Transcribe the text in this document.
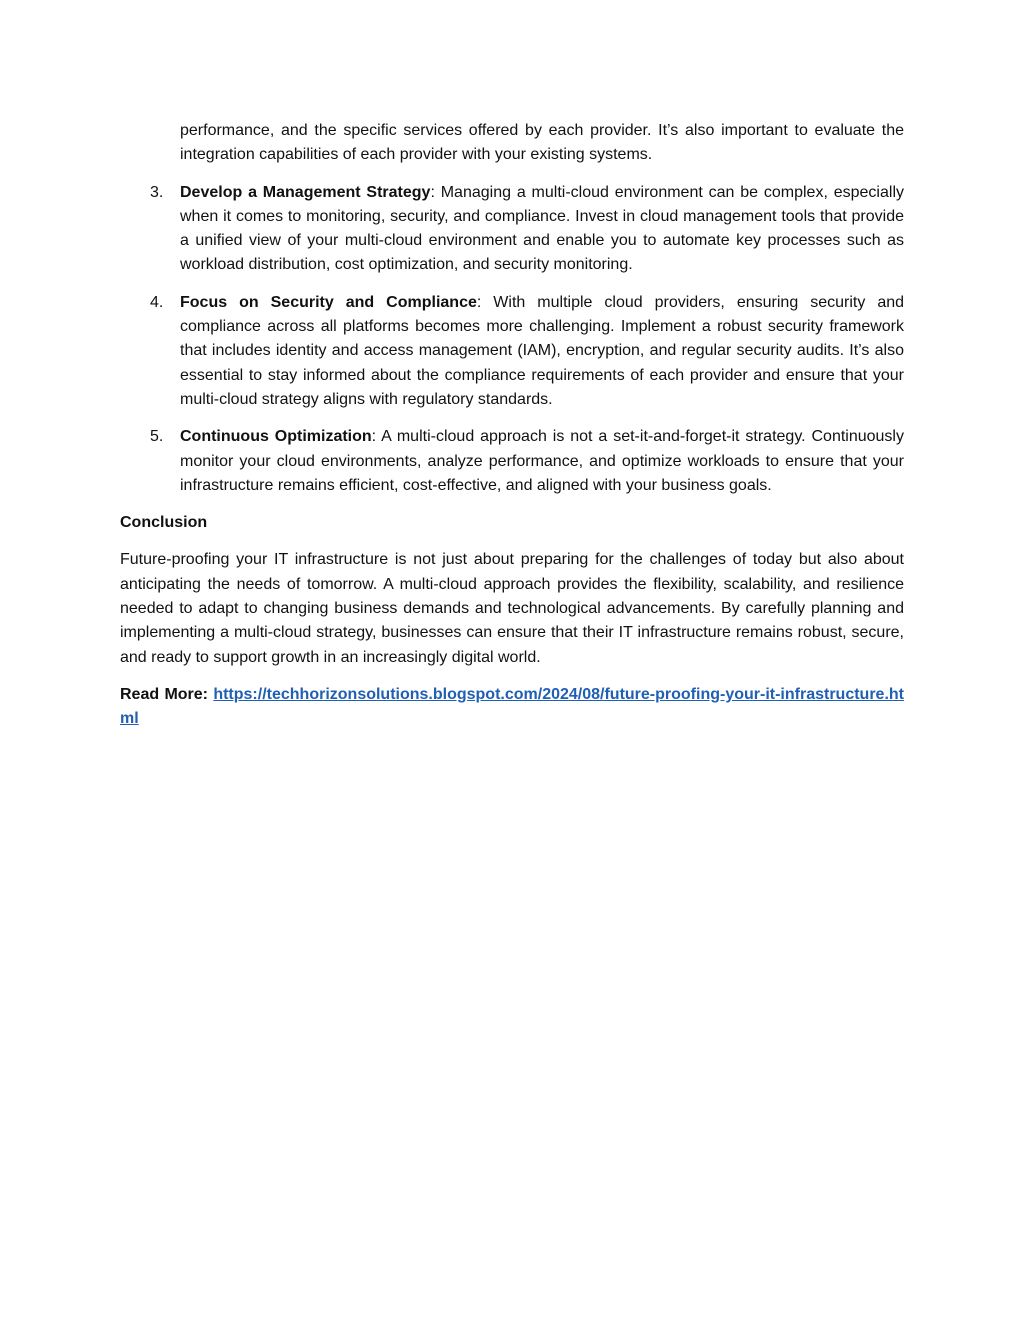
performance, and the specific services offered by each provider. It’s also important to evaluate the integration capabilities of each provider with your existing systems.
3. Develop a Management Strategy: Managing a multi-cloud environment can be complex, especially when it comes to monitoring, security, and compliance. Invest in cloud management tools that provide a unified view of your multi-cloud environment and enable you to automate key processes such as workload distribution, cost optimization, and security monitoring.
4. Focus on Security and Compliance: With multiple cloud providers, ensuring security and compliance across all platforms becomes more challenging. Implement a robust security framework that includes identity and access management (IAM), encryption, and regular security audits. It’s also essential to stay informed about the compliance requirements of each provider and ensure that your multi-cloud strategy aligns with regulatory standards.
5. Continuous Optimization: A multi-cloud approach is not a set-it-and-forget-it strategy. Continuously monitor your cloud environments, analyze performance, and optimize workloads to ensure that your infrastructure remains efficient, cost-effective, and aligned with your business goals.
Conclusion
Future-proofing your IT infrastructure is not just about preparing for the challenges of today but also about anticipating the needs of tomorrow. A multi-cloud approach provides the flexibility, scalability, and resilience needed to adapt to changing business demands and technological advancements. By carefully planning and implementing a multi-cloud strategy, businesses can ensure that their IT infrastructure remains robust, secure, and ready to support growth in an increasingly digital world.
Read More: https://techhorizonsolutions.blogspot.com/2024/08/future-proofing-your-it-infrastructure.html
